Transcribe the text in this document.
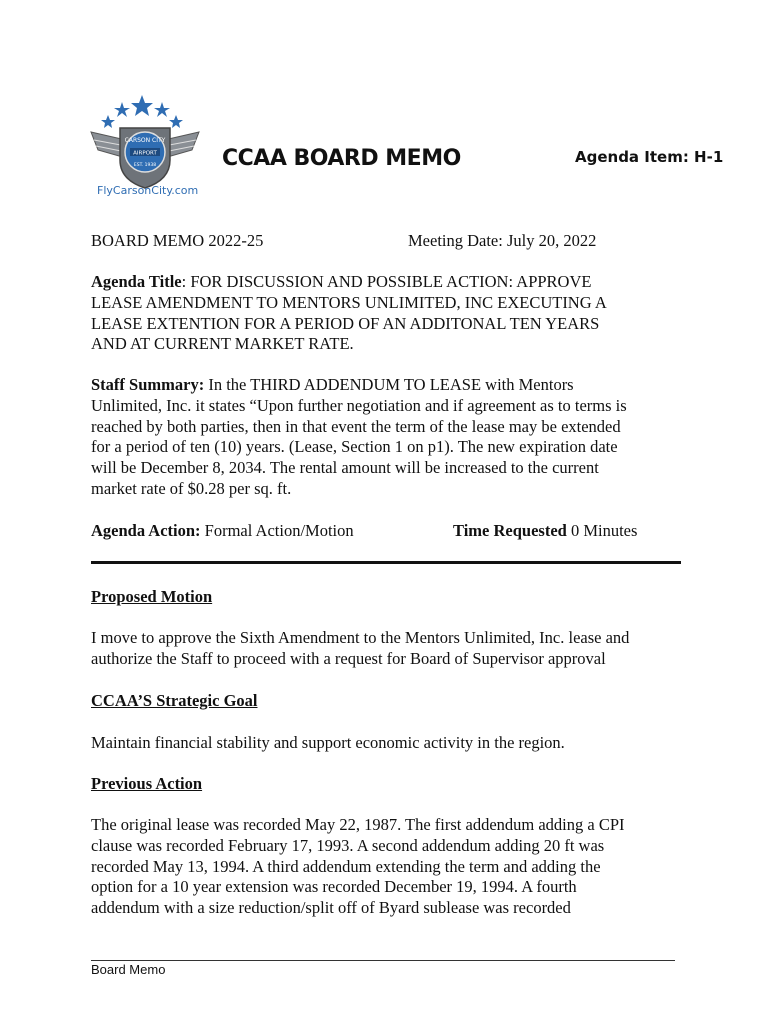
CARSON CITY
AIRPORT
EST. 1938
FlyCarsonCity.com
CCAA BOARD MEMO	Agenda Item: H-1
BOARD MEMO 2022-25	Meeting Date: July 20, 2022
Agenda Title: FOR DISCUSSION AND POSSIBLE ACTION: APPROVE
LEASE AMENDMENT TO MENTORS UNLIMITED, INC EXECUTING A
LEASE EXTENTION FOR A PERIOD OF AN ADDITONAL TEN YEARS
AND AT CURRENT MARKET RATE.
Staff Summary: In the THIRD ADDENDUM TO LEASE with Mentors
Unlimited, Inc. it states “Upon further negotiation and if agreement as to terms is
reached by both parties, then in that event the term of the lease may be extended
for a period of ten (10) years. (Lease, Section 1 on p1). The new expiration date
will be December 8, 2034. The rental amount will be increased to the current
market rate of $0.28 per sq. ft.
Agenda Action: Formal Action/Motion	Time Requested 0 Minutes
Proposed Motion
I move to approve the Sixth Amendment to the Mentors Unlimited, Inc. lease and
authorize the Staff to proceed with a request for Board of Supervisor approval
CCAA’S Strategic Goal
Maintain financial stability and support economic activity in the region.
Previous Action
The original lease was recorded May 22, 1987. The first addendum adding a CPI
clause was recorded February 17, 1993. A second addendum adding 20 ft was
recorded May 13, 1994. A third addendum extending the term and adding the
option for a 10 year extension was recorded December 19, 1994. A fourth
addendum with a size reduction/split off of Byard sublease was recorded
Board Memo
